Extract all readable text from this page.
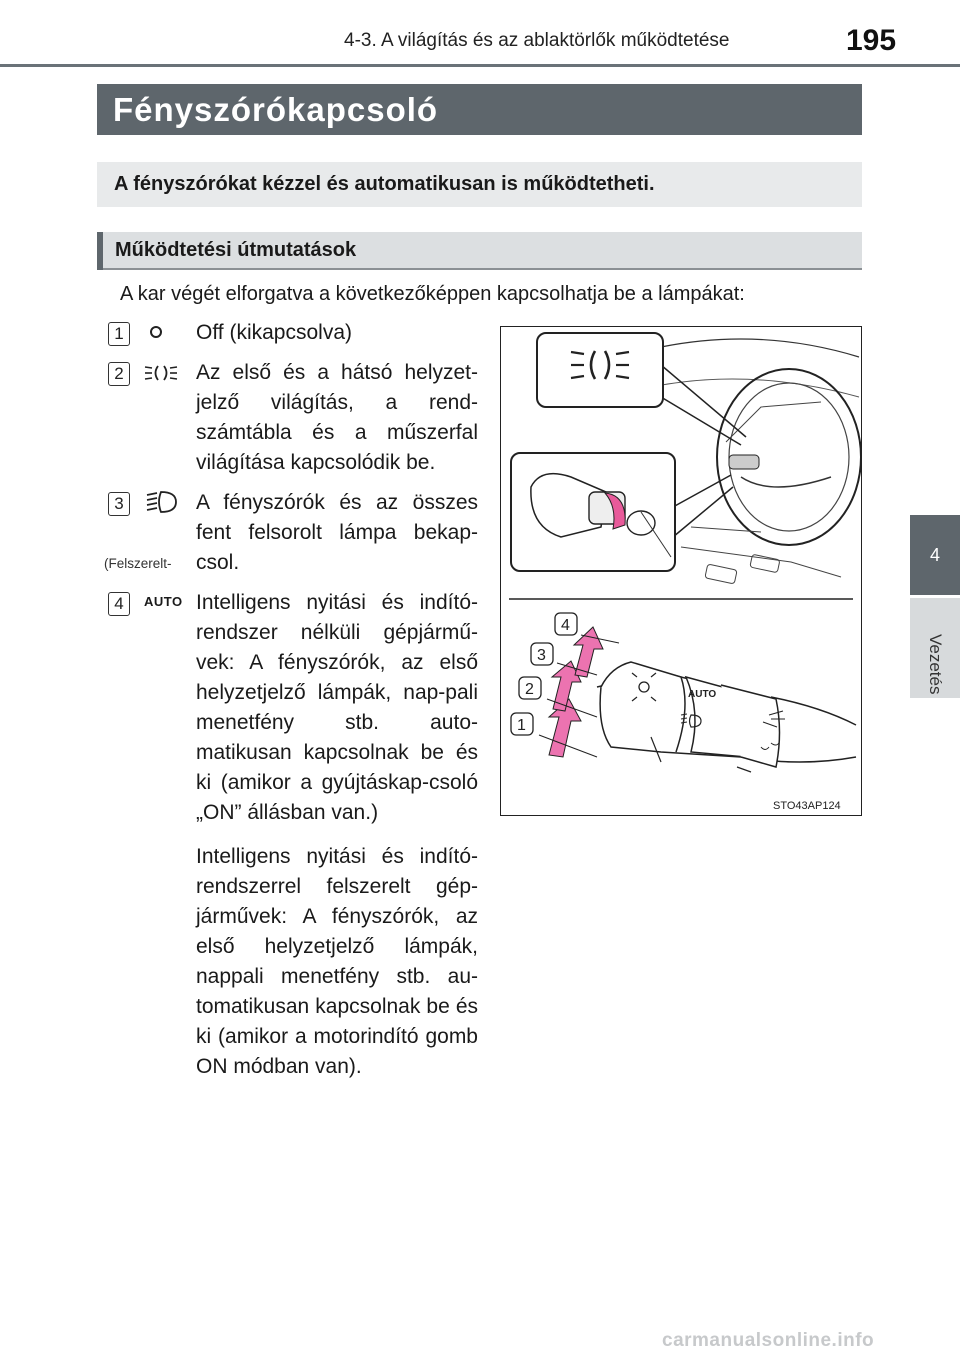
4-3. A világítás és az ablaktörlők működtetése	195
4
Vezetés
Fényszórókapcsoló
A fényszórókat kézzel és automatikusan is működtetheti.
Működtetési útmutatások
A kar végét elforgatva a következőképpen kapcsolhatja be a lámpákat:
1	Off (kikapcsolva)
2	Az első és a hátsó helyzet-jelző világítás, a rend-számtábla és a műszerfal világítása kapcsolódik be.
3	A fényszórók és az összes fent felsorolt lámpa bekap-csol.
(Felszerelt-
4	AUTO Intelligens nyitási és indító-rendszer nélküli gépjármű-vek: A fényszórók, az első helyzetjelző lámpák, nap-pali menetfény stb. auto-matikusan kapcsolnak be és ki (amikor a gyújtáskap-csoló „ON” állásban van.)
Intelligens nyitási és indító-rendszerrel felszerelt gép-járművek: A fényszórók, az első helyzetjelző lámpák, nappali menetfény stb. au-tomatikusan kapcsolnak be és ki (amikor a motorindító gomb ON módban van).
AUTO
1
2
3
4
STO43AP124
carmanualsonline.info
